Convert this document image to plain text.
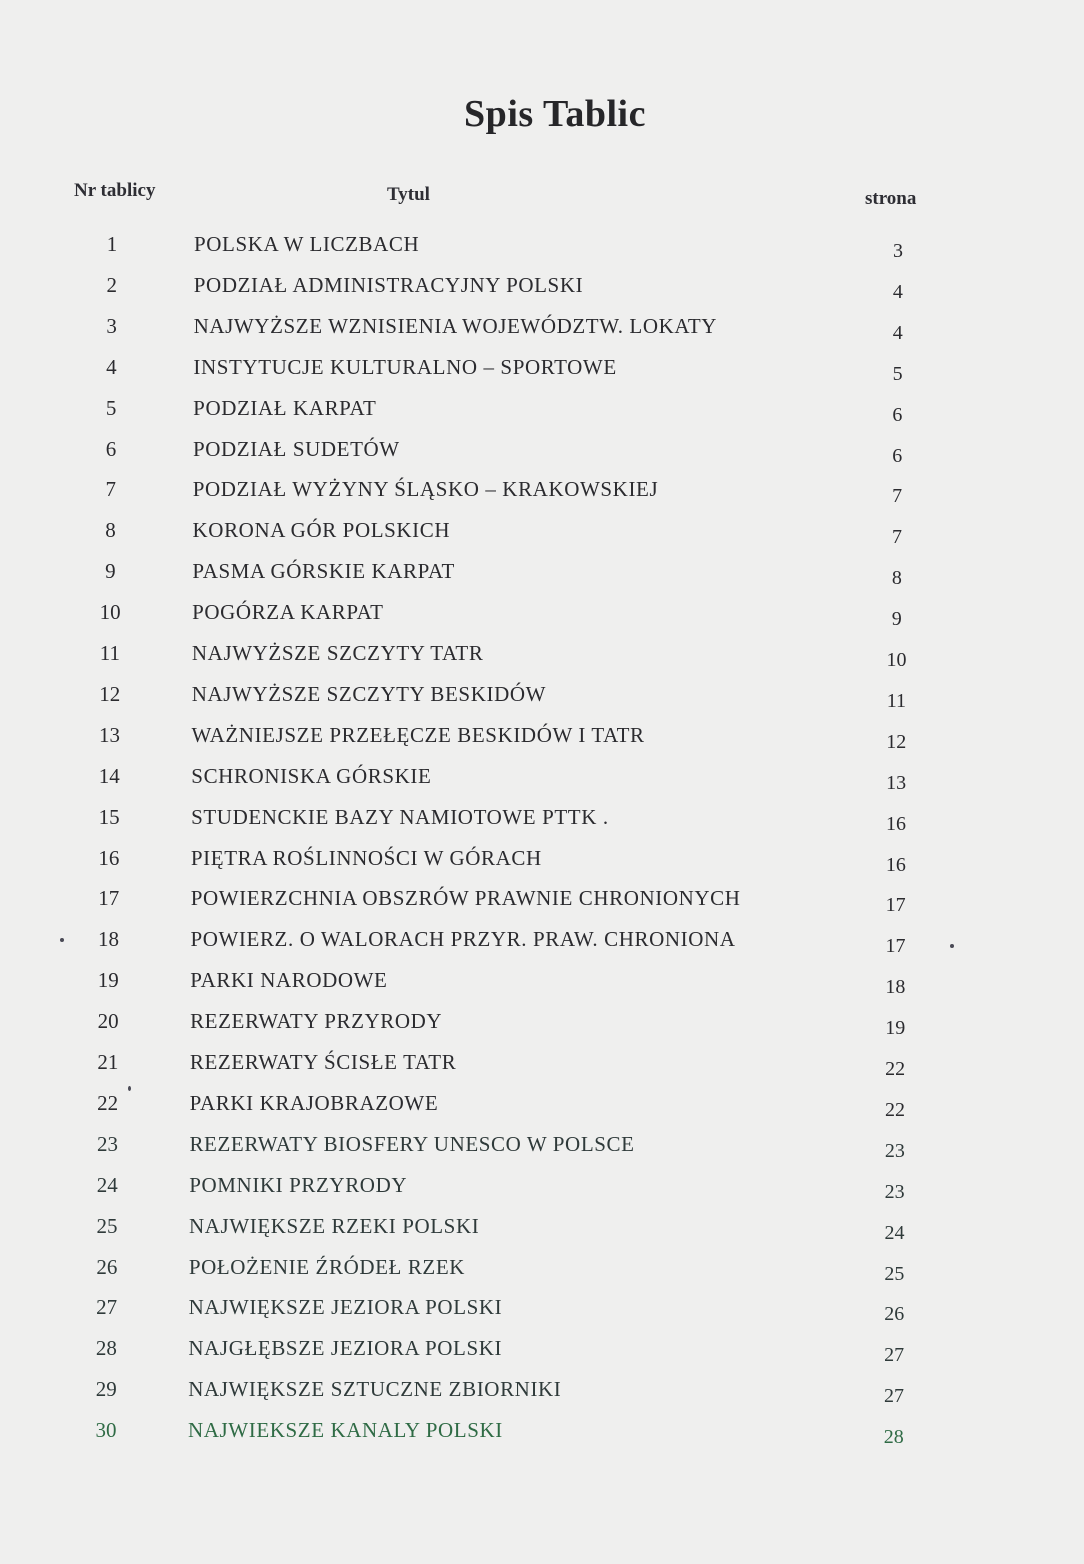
Spis Tablic
Nr tablicy	Tytul	strona
1	POLSKA W LICZBACH	3
2	PODZIAŁ ADMINISTRACYJNY POLSKI	4
3	NAJWYŻSZE WZNISIENIA WOJEWÓDZTW. LOKATY	4
4	INSTYTUCJE KULTURALNO – SPORTOWE	5
5	PODZIAŁ KARPAT	6
6	PODZIAŁ SUDETÓW	6
7	PODZIAŁ WYŻYNY ŚLĄSKO – KRAKOWSKIEJ	7
8	KORONA GÓR POLSKICH	7
9	PASMA GÓRSKIE KARPAT	8
10	POGÓRZA KARPAT	9
11	NAJWYŻSZE SZCZYTY TATR	10
12	NAJWYŻSZE SZCZYTY BESKIDÓW	11
13	WAŻNIEJSZE PRZEŁĘCZE BESKIDÓW I TATR	12
14	SCHRONISKA GÓRSKIE	13
15	STUDENCKIE BAZY NAMIOTOWE PTTK .	16
16	PIĘTRA ROŚLINNOŚCI W GÓRACH	16
17	POWIERZCHNIA OBSZRÓW PRAWNIE CHRONIONYCH	17
18	POWIERZ. O WALORACH PRZYR. PRAW. CHRONIONA	17
19	PARKI NARODOWE	18
20	REZERWATY PRZYRODY	19
21	REZERWATY ŚCISŁE TATR	22
22	PARKI KRAJOBRAZOWE	22
23	REZERWATY BIOSFERY UNESCO W POLSCE	23
24	POMNIKI PRZYRODY	23
25	NAJWIĘKSZE RZEKI POLSKI	24
26	POŁOŻENIE ŹRÓDEŁ RZEK	25
27	NAJWIĘKSZE JEZIORA POLSKI	26
28	NAJGŁĘBSZE JEZIORA POLSKI	27
29	NAJWIĘKSZE SZTUCZNE ZBIORNIKI	27
30	NAJWIEKSZE KANALY POLSKI	28
